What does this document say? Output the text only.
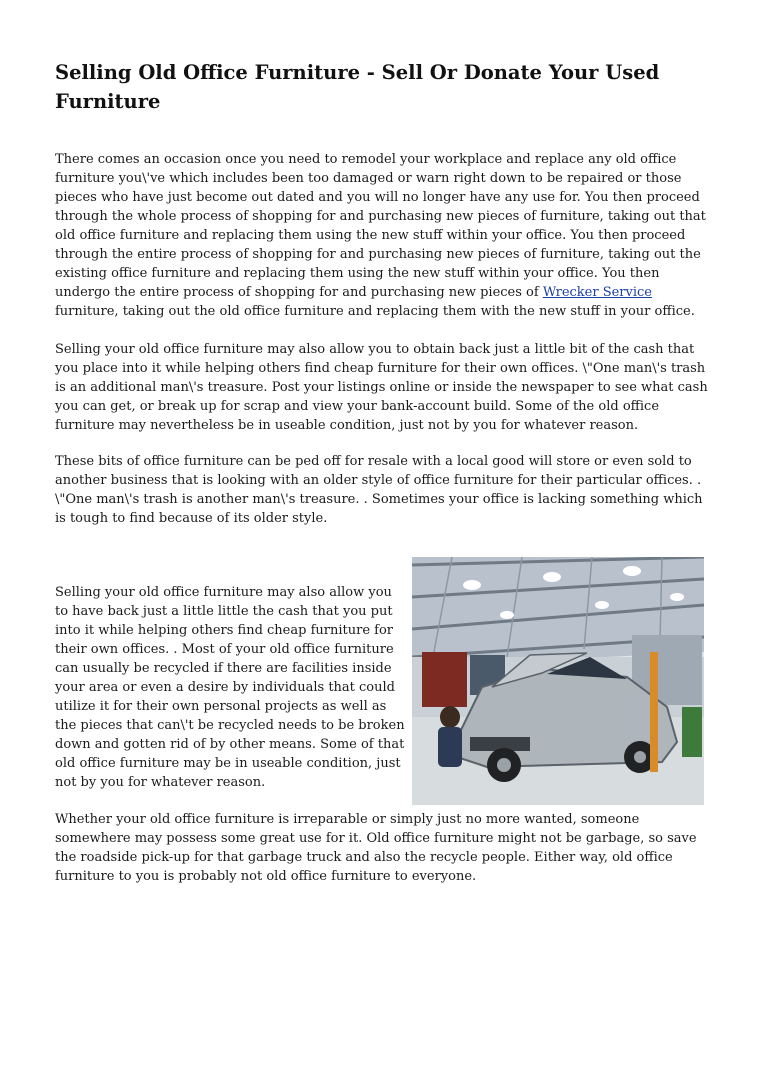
Selling Old Office Furniture - Sell Or Donate Your Used Furniture

There comes an occasion once you need to remodel your workplace and replace any old office furniture you\'ve which includes been too damaged or warn right down to be repaired or those pieces who have just become out dated and you will no longer have any use for. You then proceed through the whole process of shopping for and purchasing new pieces of furniture, taking out that old office furniture and replacing them using the new stuff within your office. You then proceed through the entire process of shopping for and purchasing new pieces of furniture, taking out the existing office furniture and replacing them using the new stuff within your office. You then undergo the entire process of shopping for and purchasing new pieces of Wrecker Service furniture, taking out the old office furniture and replacing them with the new stuff in your office.

Selling your old office furniture may also allow you to obtain back just a little bit of the cash that you place into it while helping others find cheap furniture for their own offices. \"One man\'s trash is an additional man\'s treasure. Post your listings online or inside the newspaper to see what cash you can get, or break up for scrap and view your bank-account build. Some of the old office furniture may nevertheless be in useable condition, just not by you for whatever reason.

These bits of office furniture can be ped off for resale with a local good will store or even sold to another business that is looking with an older style of office furniture for their particular offices. . \"One man\'s trash is another man\'s treasure. . Sometimes your office is lacking something which is tough to find because of its older style.

Selling your old office furniture may also allow you to have back just a little little the cash that you put into it while helping others find cheap furniture for their own offices. . Most of your old office furniture can usually be recycled if there are facilities inside your area or even a desire by individuals that could utilize it for their own personal projects as well as the pieces that can\'t be recycled needs to be broken down and gotten rid of by other means. Some of that old office furniture may be in useable condition, just not by you for whatever reason.

Whether your old office furniture is irreparable or simply just no more wanted, someone somewhere may possess some great use for it. Old office furniture might not be garbage, so save the roadside pick-up for that garbage truck and also the recycle people. Either way, old office furniture to you is probably not old office furniture to everyone.
